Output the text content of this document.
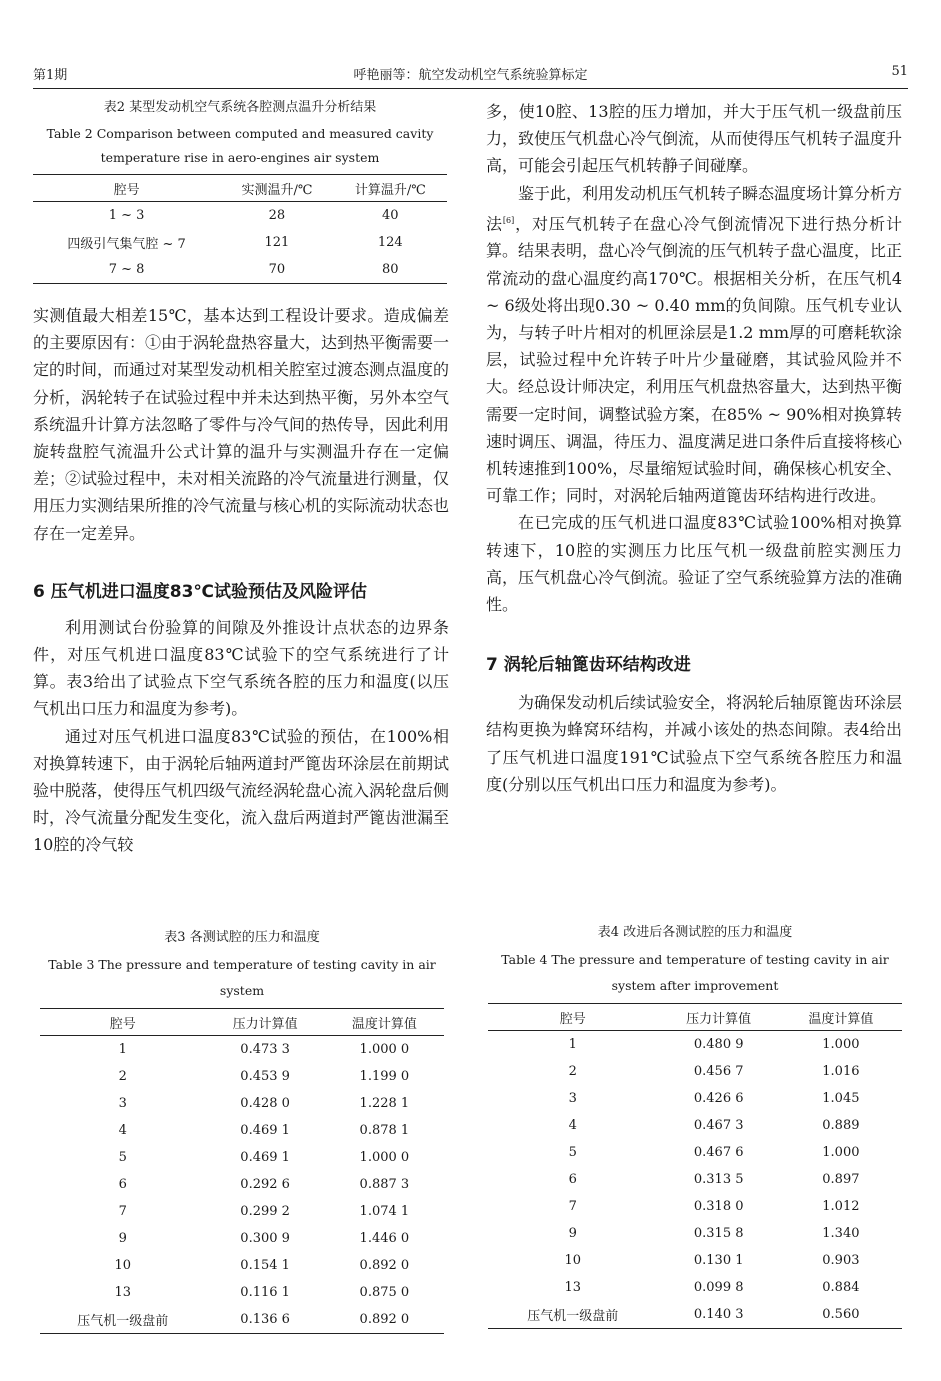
第1期	呼艳丽等：航空发动机空气系统验算标定	51

表2 某型发动机空气系统各腔测点温升分析结果

Table 2 Comparison between computed and measured cavity

temperature rise in aero-engines air system

腔号	实测温升/℃	计算温升/℃
1 ~ 3	28	40
四级引气集气腔 ~ 7	121	124
7 ~ 8	70	80

实测值最大相差15℃，基本达到工程设计要求。造成偏差的主要原因有：①由于涡轮盘热容量大，达到热平衡需要一定的时间，而通过对某型发动机相关腔室过渡态测点温度的分析，涡轮转子在试验过程中并未达到热平衡，另外本空气系统温升计算方法忽略了零件与冷气间的热传导，因此利用旋转盘腔气流温升公式计算的温升与实测温升存在一定偏差；②试验过程中，未对相关流路的冷气流量进行测量，仅用压力实测结果所推的冷气流量与核心机的实际流动状态也存在一定差异。

6 压气机进口温度83℃试验预估及风险评估

利用测试台份验算的间隙及外推设计点状态的边界条件，对压气机进口温度83℃试验下的空气系统进行了计算。表3给出了试验点下空气系统各腔的压力和温度(以压气机出口压力和温度为参考)。

通过对压气机进口温度83℃试验的预估，在100%相对换算转速下，由于涡轮后轴两道封严篦齿环涂层在前期试验中脱落，使得压气机四级气流经涡轮盘心流入涡轮盘后侧时，冷气流量分配发生变化，流入盘后两道封严篦齿泄漏至10腔的冷气较

多，使10腔、13腔的压力增加，并大于压气机一级盘前压力，致使压气机盘心冷气倒流，从而使得压气机转子温度升高，可能会引起压气机转静子间碰摩。

鉴于此，利用发动机压气机转子瞬态温度场计算分析方法[6]，对压气机转子在盘心冷气倒流情况下进行热分析计算。结果表明，盘心冷气倒流的压气机转子盘心温度，比正常流动的盘心温度约高170℃。根据相关分析，在压气机4 ~ 6级处将出现0.30 ~ 0.40 mm的负间隙。压气机专业认为，与转子叶片相对的机匣涂层是1.2 mm厚的可磨耗软涂层，试验过程中允许转子叶片少量碰磨，其试验风险并不大。经总设计师决定，利用压气机盘热容量大，达到热平衡需要一定时间，调整试验方案，在85% ~ 90%相对换算转速时调压、调温，待压力、温度满足进口条件后直接将核心机转速推到100%，尽量缩短试验时间，确保核心机安全、可靠工作；同时，对涡轮后轴两道篦齿环结构进行改进。

在已完成的压气机进口温度83℃试验100%相对换算转速下，10腔的实测压力比压气机一级盘前腔实测压力高，压气机盘心冷气倒流。验证了空气系统验算方法的准确性。

7 涡轮后轴篦齿环结构改进

为确保发动机后续试验安全，将涡轮后轴原篦齿环涂层结构更换为蜂窝环结构，并减小该处的热态间隙。表4给出了压气机进口温度191℃试验点下空气系统各腔压力和温度(分别以压气机出口压力和温度为参考)。

表3 各测试腔的压力和温度

Table 3 The pressure and temperature of testing cavity in air

system

腔号	压力计算值	温度计算值
1	0.473 3	1.000 0
2	0.453 9	1.199 0
3	0.428 0	1.228 1
4	0.469 1	0.878 1
5	0.469 1	1.000 0
6	0.292 6	0.887 3
7	0.299 2	1.074 1
9	0.300 9	1.446 0
10	0.154 1	0.892 0
13	0.116 1	0.875 0
压气机一级盘前	0.136 6	0.892 0

表4 改进后各测试腔的压力和温度

Table 4 The pressure and temperature of testing cavity in air

system after improvement

腔号	压力计算值	温度计算值
1	0.480 9	1.000
2	0.456 7	1.016
3	0.426 6	1.045
4	0.467 3	0.889
5	0.467 6	1.000
6	0.313 5	0.897
7	0.318 0	1.012
9	0.315 8	1.340
10	0.130 1	0.903
13	0.099 8	0.884
压气机一级盘前	0.140 3	0.560
